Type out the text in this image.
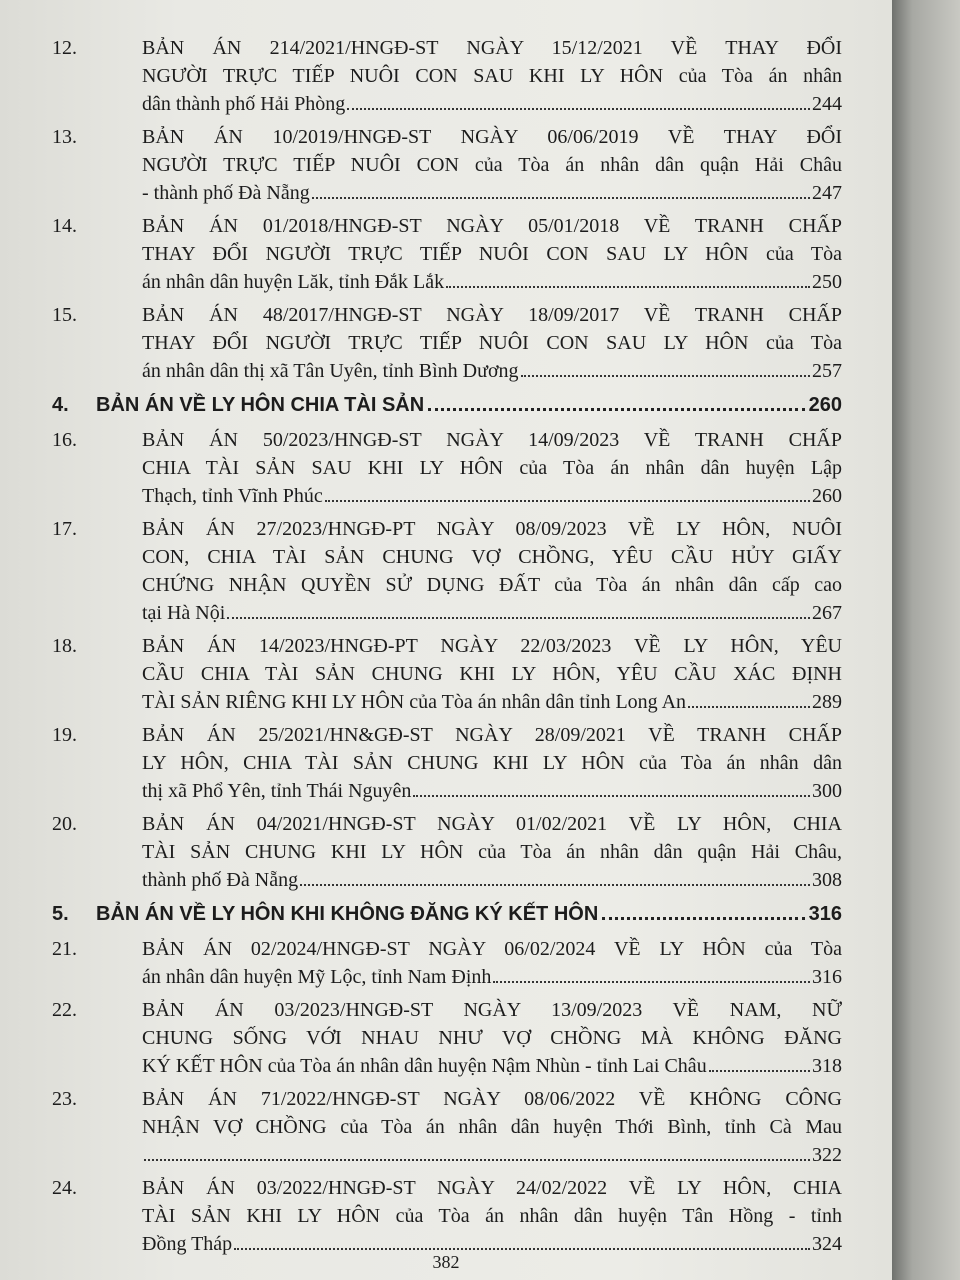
12.	BẢN ÁN 214/2021/HNGĐ-ST NGÀY 15/12/2021 VỀ THAY ĐỔI
NGƯỜI TRỰC TIẾP NUÔI CON SAU KHI LY HÔN của Tòa án nhân
dân thành phố Hải Phòng	244
13.	BẢN ÁN 10/2019/HNGĐ-ST NGÀY 06/06/2019 VỀ THAY ĐỔI
NGƯỜI TRỰC TIẾP NUÔI CON của Tòa án nhân dân quận Hải Châu
- thành phố Đà Nẵng	247
14.	BẢN ÁN 01/2018/HNGĐ-ST NGÀY 05/01/2018 VỀ TRANH CHẤP
THAY ĐỔI NGƯỜI TRỰC TIẾP NUÔI CON SAU LY HÔN của Tòa
án nhân dân huyện Lăk, tỉnh Đắk Lắk	250
15.	BẢN ÁN 48/2017/HNGĐ-ST NGÀY 18/09/2017 VỀ TRANH CHẤP
THAY ĐỔI NGƯỜI TRỰC TIẾP NUÔI CON SAU LY HÔN của Tòa
án nhân dân thị xã Tân Uyên, tỉnh Bình Dương	257
4. BẢN ÁN VỀ LY HÔN CHIA TÀI SẢN	260
16.	BẢN ÁN 50/2023/HNGĐ-ST NGÀY 14/09/2023 VỀ TRANH CHẤP
CHIA TÀI SẢN SAU KHI LY HÔN của Tòa án nhân dân huyện Lập
Thạch, tỉnh Vĩnh Phúc	260
17.	BẢN ÁN 27/2023/HNGĐ-PT NGÀY 08/09/2023 VỀ LY HÔN, NUÔI
CON, CHIA TÀI SẢN CHUNG VỢ CHỒNG, YÊU CẦU HỦY GIẤY
CHỨNG NHẬN QUYỀN SỬ DỤNG ĐẤT của Tòa án nhân dân cấp cao
tại Hà Nội	267
18.	BẢN ÁN 14/2023/HNGĐ-PT NGÀY 22/03/2023 VỀ LY HÔN, YÊU
CẦU CHIA TÀI SẢN CHUNG KHI LY HÔN, YÊU CẦU XÁC ĐỊNH
TÀI SẢN RIÊNG KHI LY HÔN của Tòa án nhân dân tỉnh Long An	289
19.	BẢN ÁN 25/2021/HN&GĐ-ST NGÀY 28/09/2021 VỀ TRANH CHẤP
LY HÔN, CHIA TÀI SẢN CHUNG KHI LY HÔN của Tòa án nhân dân
thị xã Phổ Yên, tỉnh Thái Nguyên	300
20.	BẢN ÁN 04/2021/HNGĐ-ST NGÀY 01/02/2021 VỀ LY HÔN, CHIA
TÀI SẢN CHUNG KHI LY HÔN của Tòa án nhân dân quận Hải Châu,
thành phố Đà Nẵng	308
5. BẢN ÁN VỀ LY HÔN KHI KHÔNG ĐĂNG KÝ KẾT HÔN	316
21.	BẢN ÁN 02/2024/HNGĐ-ST NGÀY 06/02/2024 VỀ LY HÔN của Tòa
án nhân dân huyện Mỹ Lộc, tỉnh Nam Định	316
22.	BẢN ÁN 03/2023/HNGĐ-ST NGÀY 13/09/2023 VỀ NAM, NỮ
CHUNG SỐNG VỚI NHAU NHƯ VỢ CHỒNG MÀ KHÔNG ĐĂNG
KÝ KẾT HÔN của Tòa án nhân dân huyện Nậm Nhùn - tỉnh Lai Châu	318
23.	BẢN ÁN 71/2022/HNGĐ-ST NGÀY 08/06/2022 VỀ KHÔNG CÔNG
NHẬN VỢ CHỒNG của Tòa án nhân dân huyện Thới Bình, tỉnh Cà Mau
322
24.	BẢN ÁN 03/2022/HNGĐ-ST NGÀY 24/02/2022 VỀ LY HÔN, CHIA
TÀI SẢN KHI LY HÔN của Tòa án nhân dân huyện Tân Hồng - tỉnh
Đồng Tháp	324
382
